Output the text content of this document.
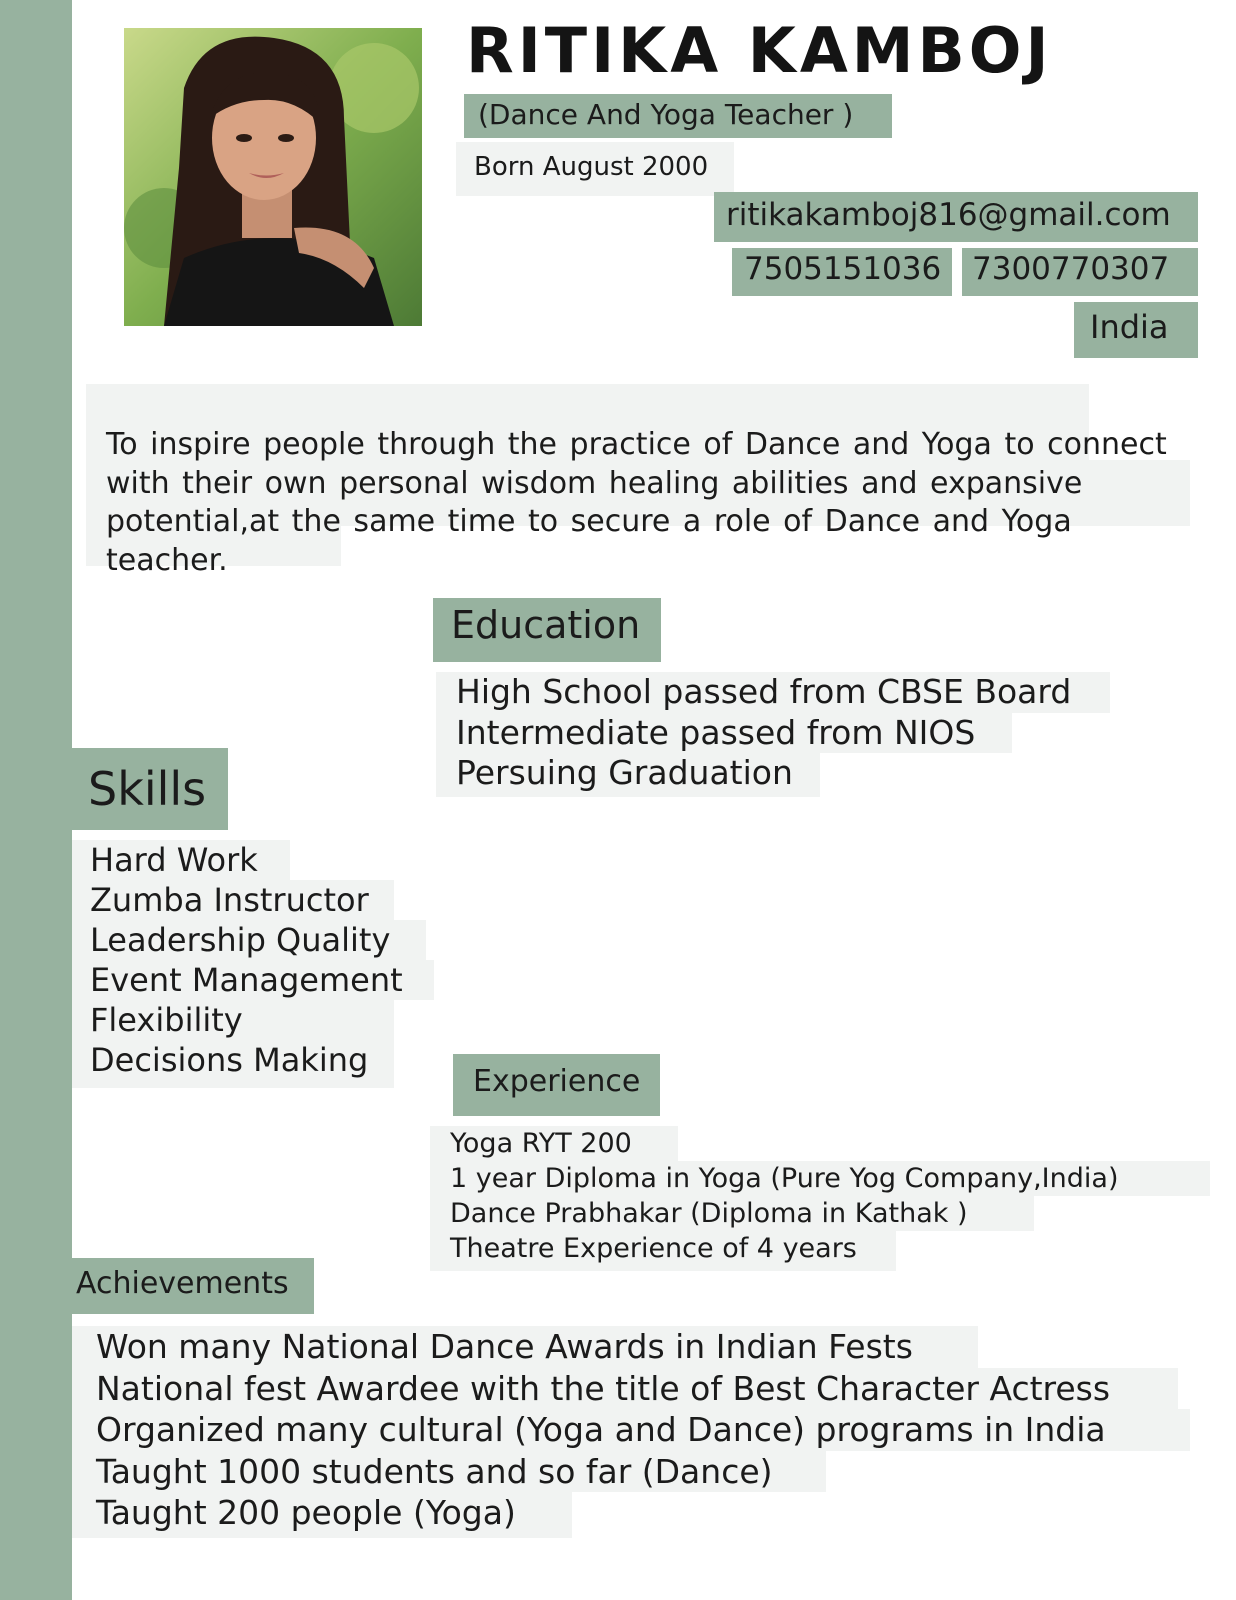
RITIKA KAMBOJ
(Dance And Yoga Teacher )
Born August 2000
ritikakamboj816@gmail.com
7505151036 7300770307
India

To inspire people through the practice of Dance and Yoga to connect with their own personal wisdom healing abilities and expansive potential,at the same time to secure a role of Dance and Yoga teacher.

Education
High School passed from CBSE Board
Intermediate passed from NIOS
Persuing Graduation
Skills
Hard Work
Zumba Instructor
Leadership Quality
Event Management
Flexibility
Decisions Making
Experience
Yoga RYT 200
1 year Diploma in Yoga (Pure Yog Company,India)
Dance Prabhakar (Diploma in Kathak )
Theatre Experience of 4 years
Achievements
Won many National Dance Awards in Indian Fests
National fest Awardee with the title of Best Character Actress
Organized many cultural (Yoga and Dance) programs in India
Taught 1000 students and so far (Dance)
Taught 200 people (Yoga)
